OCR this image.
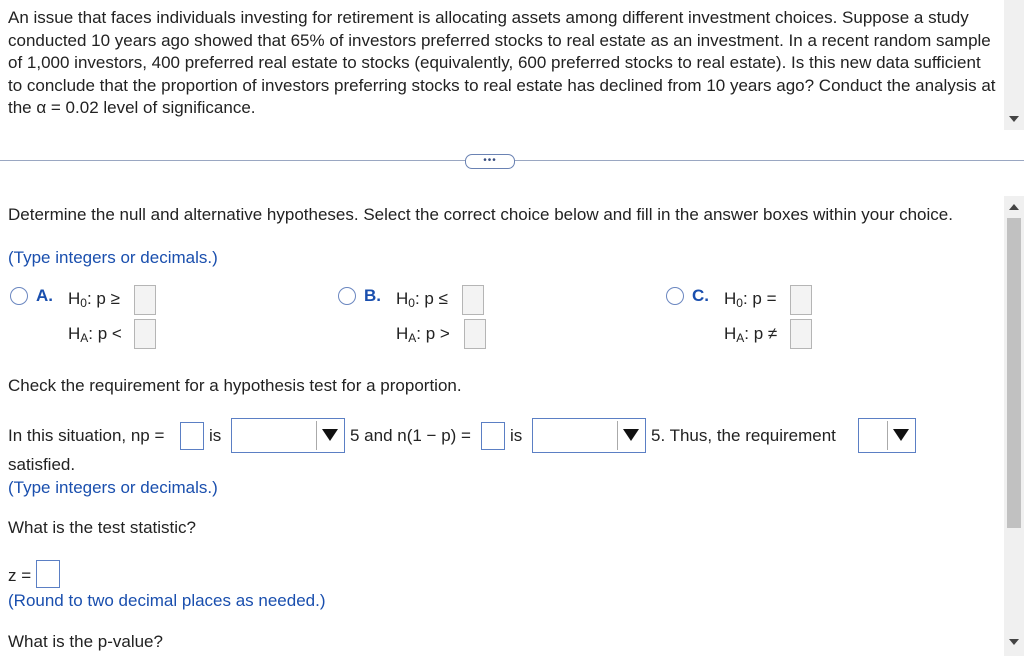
An issue that faces individuals investing for retirement is allocating assets among different investment choices. Suppose a study conducted 10 years ago showed that 65% of investors preferred stocks to real estate as an investment. In a recent random sample of 1,000 investors, 400 preferred real estate to stocks (equivalently, 600 preferred stocks to real estate). Is this new data sufficient to conclude that the proportion of investors preferring stocks to real estate has declined from 10 years ago? Conduct the analysis at the α = 0.02 level of significance.
•••
Determine the null and alternative hypotheses. Select the correct choice below and fill in the answer boxes within your choice.
(Type integers or decimals.)
A. $H_0$: p ≥
$H_A$: p <
B. $H_0$: p ≤
$H_A$: p >
C. $H_0$: p =
$H_A$: p ≠
Check the requirement for a hypothesis test for a proportion.
In this situation, np =	is	5 and n(1 − p) = is	5. Thus, the requirement
satisfied.
(Type integers or decimals.)
What is the test statistic?
z =
(Round to two decimal places as needed.)
What is the p-value?
